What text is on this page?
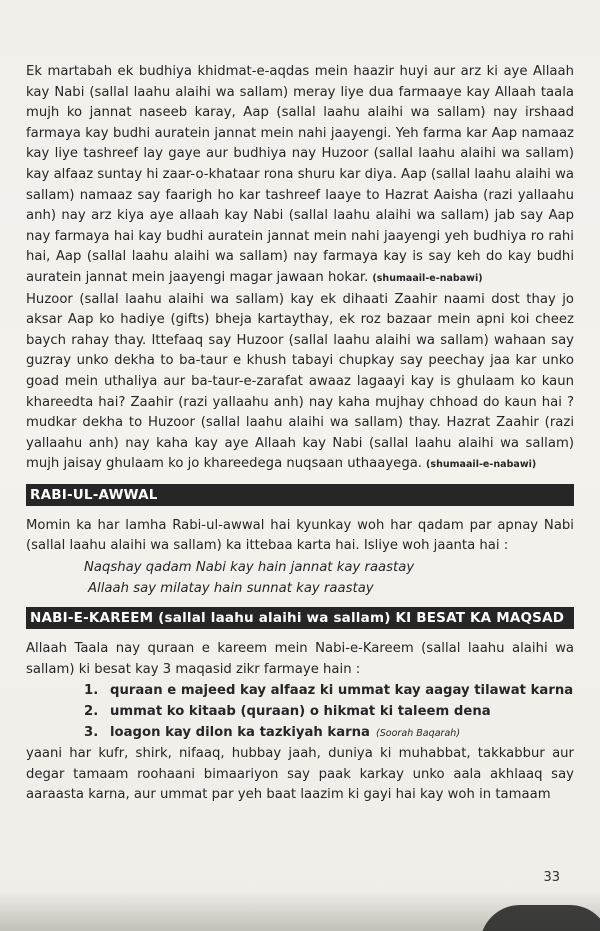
Ek martabah ek budhiya khidmat-e-aqdas mein haazir huyi aur arz ki aye Allaah kay Nabi (sallal laahu alaihi wa sallam) meray liye dua farmaaye kay Allaah taala mujh ko jannat naseeb karay, Aap (sallal laahu alaihi wa sallam) nay irshaad farmaya kay budhi auratein jannat mein nahi jaayengi. Yeh farma kar Aap namaaz kay liye tashreef lay gaye aur budhiya nay Huzoor (sallal laahu alaihi wa sallam) kay alfaaz suntay hi zaar-o-khataar rona shuru kar diya. Aap (sallal laahu alaihi wa sallam) namaaz say faarigh ho kar tashreef laaye to Hazrat Aaisha (razi yallaahu anh) nay arz kiya aye allaah kay Nabi (sallal laahu alaihi wa sallam) jab say Aap nay farmaya hai kay budhi auratein jannat mein nahi jaayengi yeh budhiya ro rahi hai, Aap (sallal laahu alaihi wa sallam) nay farmaya kay is say keh do kay budhi auratein jannat mein jaayengi magar jawaan hokar. (shumaail-e-nabawi)

Huzoor (sallal laahu alaihi wa sallam) kay ek dihaati Zaahir naami dost thay jo aksar Aap ko hadiye (gifts) bheja kartaythay, ek roz bazaar mein apni koi cheez baych rahay thay. Ittefaaq say Huzoor (sallal laahu alaihi wa sallam) wahaan say guzray unko dekha to ba-taur e khush tabayi chupkay say peechay jaa kar unko goad mein uthaliya aur ba-taur-e-zarafat awaaz lagaayi kay is ghulaam ko kaun khareedta hai? Zaahir (razi yallaahu anh) nay kaha mujhay chhoad do kaun hai ? mudkar dekha to Huzoor (sallal laahu alaihi wa sallam) thay. Hazrat Zaahir (razi yallaahu anh) nay kaha kay aye Allaah kay Nabi (sallal laahu alaihi wa sallam) mujh jaisay ghulaam ko jo khareedega nuqsaan uthaayega. (shumaail-e-nabawi)

RABI-UL-AWWAL

Momin ka har lamha Rabi-ul-awwal hai kyunkay woh har qadam par apnay Nabi (sallal laahu alaihi wa sallam) ka ittebaa karta hai. Isliye woh jaanta hai :

Naqshay qadam Nabi kay hain jannat kay raastay

Allaah say milatay hain sunnat kay raastay

NABI-E-KAREEM (sallal laahu alaihi wa sallam) KI BESAT KA MAQSAD

Allaah Taala nay quraan e kareem mein Nabi-e-Kareem (sallal laahu alaihi wa sallam) ki besat kay 3 maqasid zikr farmaye hain :

1. quraan e majeed kay alfaaz ki ummat kay aagay tilawat karna

2. ummat ko kitaab (quraan) o hikmat ki taleem dena

3. loagon kay dilon ka tazkiyah karna (Soorah Baqarah)

yaani har kufr, shirk, nifaaq, hubbay jaah, duniya ki muhabbat, takkabbur aur degar tamaam roohaani bimaariyon say paak karkay unko aala akhlaaq say aaraasta karna, aur ummat par yeh baat laazim ki gayi hai kay woh in tamaam

33
